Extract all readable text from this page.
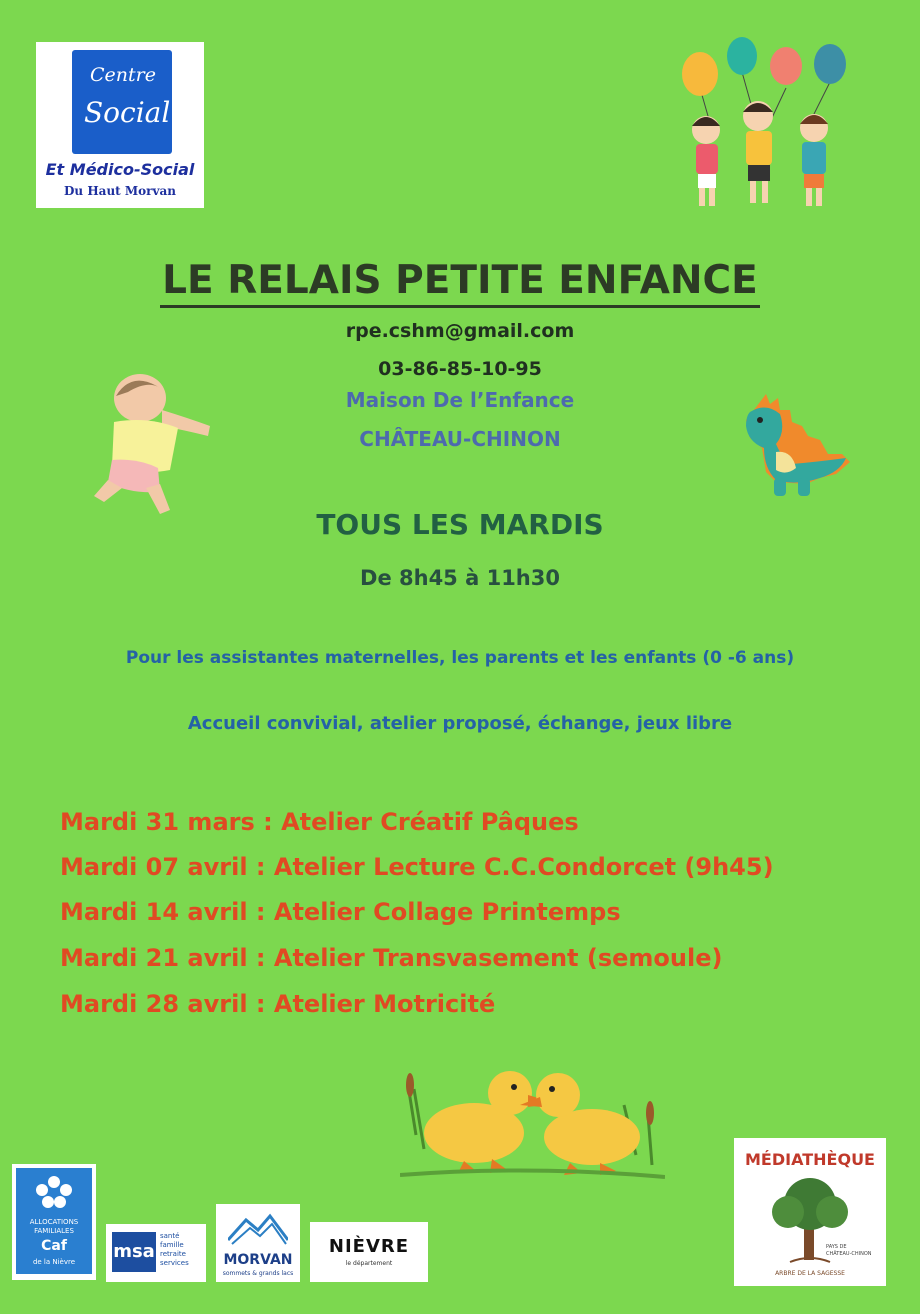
Centre
Social
Et Médico-Social
Du Haut Morvan
LE RELAIS PETITE ENFANCE
rpe.cshm@gmail.com
03-86-85-10-95
Maison De l’Enfance
CHÂTEAU-CHINON
TOUS LES MARDIS
De 8h45 à 11h30
Pour les assistantes maternelles, les parents et les enfants (0 -6 ans)
Accueil convivial, atelier proposé, échange, jeux libre
Mardi 31 mars : Atelier Créatif Pâques
Mardi 07 avril : Atelier Lecture C.C.Condorcet (9h45)
Mardi 14 avril : Atelier Collage Printemps
Mardi 21 avril : Atelier Transvasement (semoule)
Mardi 28 avril : Atelier Motricité
ALLOCATIONS
FAMILIALES
Caf
de la Nièvre	msa
santé
famille
retraite
services	MORVAN
sommets & grands lacs
NIÈVRE
le département
MÉDIATHÈQUE
PAYS DE
CHÂTEAU-CHINON
ARBRE DE LA SAGESSE
